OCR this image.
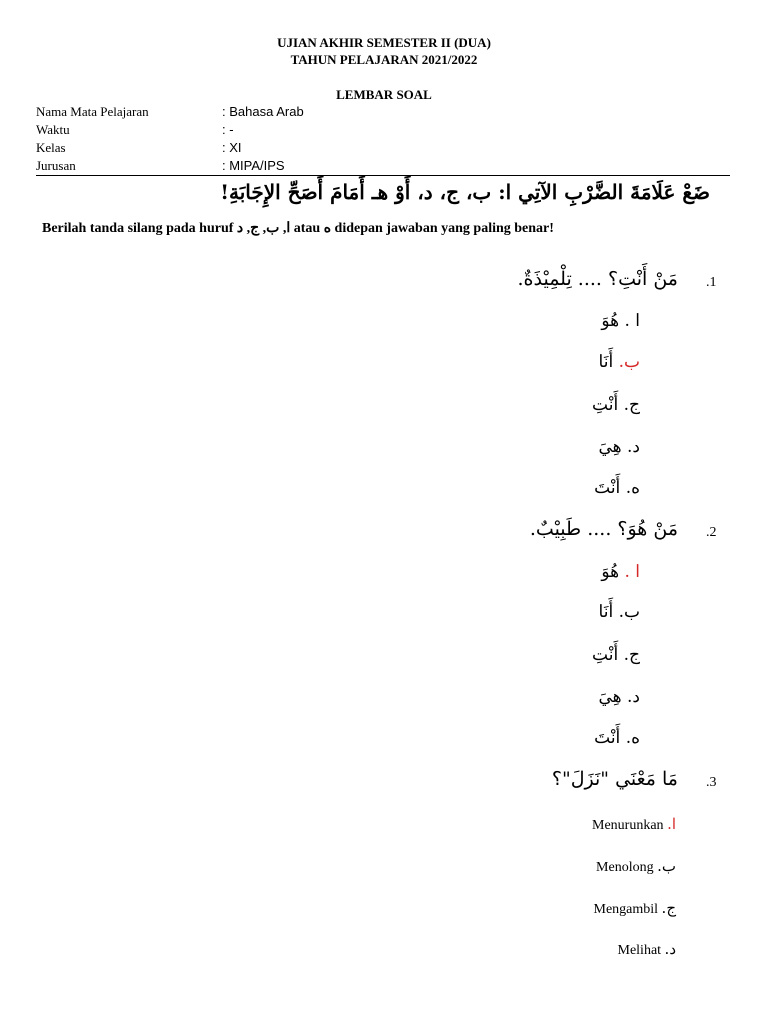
UJIAN AKHIR SEMESTER II (DUA)
TAHUN PELAJARAN 2021/2022
LEMBAR SOAL
Nama Mata Pelajaran	: Bahasa Arab
Waktu	: -
Kelas	: XI
Jurusan	: MIPA/IPS
ضَعْ عَلَامَةَ الضَّرْبِ الآتِي ا: ب، ج، د، أَوْ هـ أَمَامَ أَصَحِّ الإِجَابَةِ!
Berilah tanda silang pada huruf ا, ب, ج, د atau ه didepan jawaban yang paling benar!
.1
مَنْ أَنْتِ؟ .... تِلْمِيْذَةٌ.
ا . هُوَ
ب. أَنَا
ج. أَنْتِ
د. هِيَ
ه. أَنْتَ
.2
مَنْ هُوَ؟ .... طَبِيْبٌ.
ا . هُوَ
ب. أَنَا
ج. أَنْتِ
د. هِيَ
ه. أَنْتَ
.3
مَا مَعْنَي "نَزَلَ"؟
ا. Menurunkan
ب. Menolong
ج. Mengambil
د. Melihat
